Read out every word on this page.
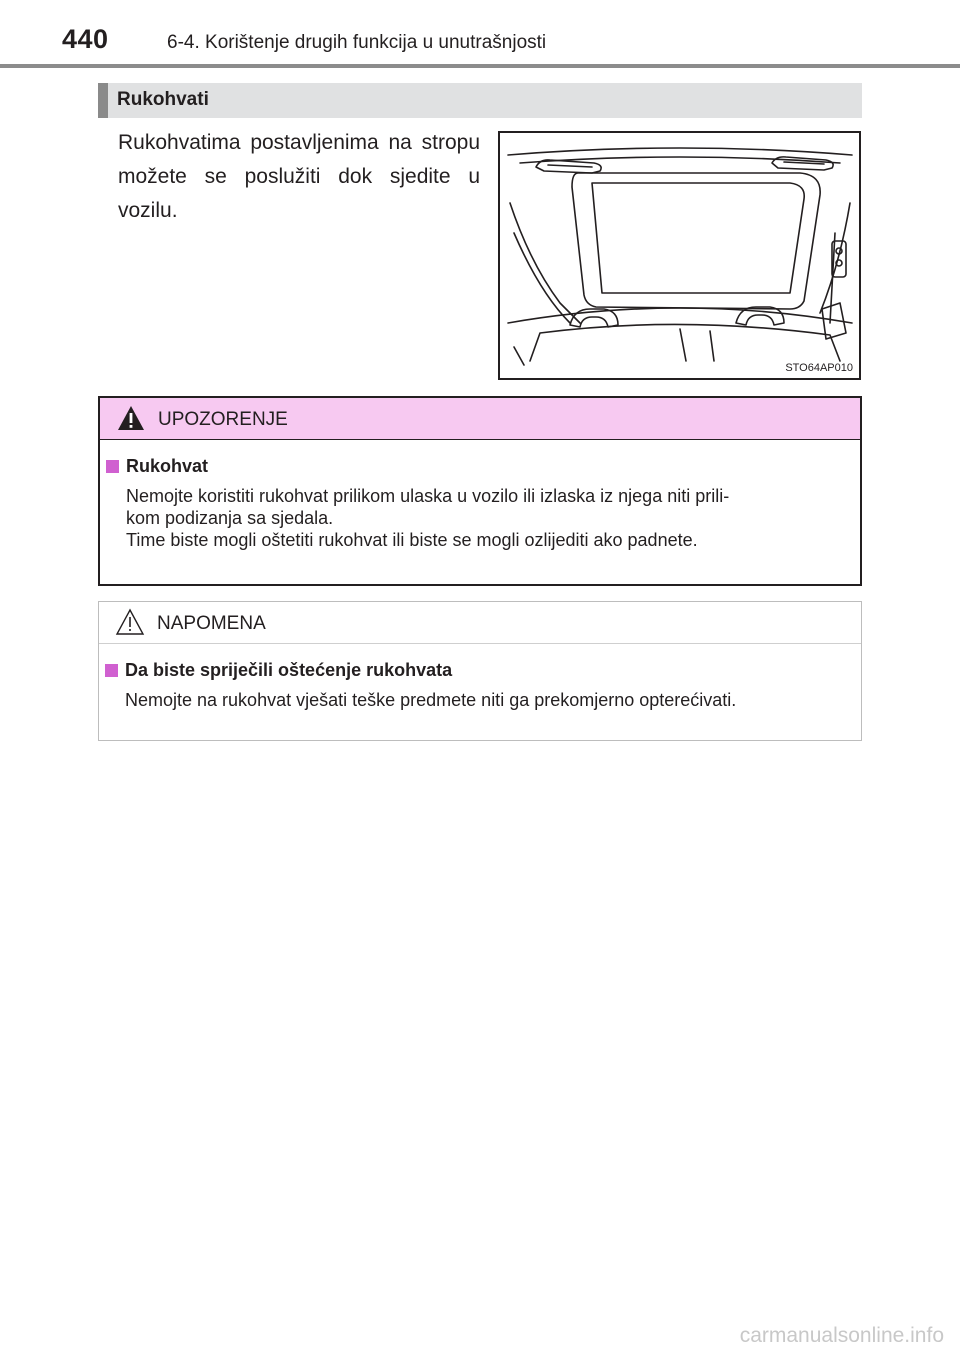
440	6-4. Korištenje drugih funkcija u unutrašnjosti
Rukohvati
Rukohvatima postavljenima na stropu možete se poslužiti dok sjedite u vozilu.
STO64AP010
UPOZORENJE
Rukohvat

Nemojte koristiti rukohvat prilikom ulaska u vozilo ili izlaska iz njega niti prili-

kom podizanja sa sjedala.

Time biste mogli oštetiti rukohvat ili biste se mogli ozlijediti ako padnete.

NAPOMENA
Da biste spriječili oštećenje rukohvata

Nemojte na rukohvat vješati teške predmete niti ga prekomjerno opterećivati.

carmanualsonline.info
